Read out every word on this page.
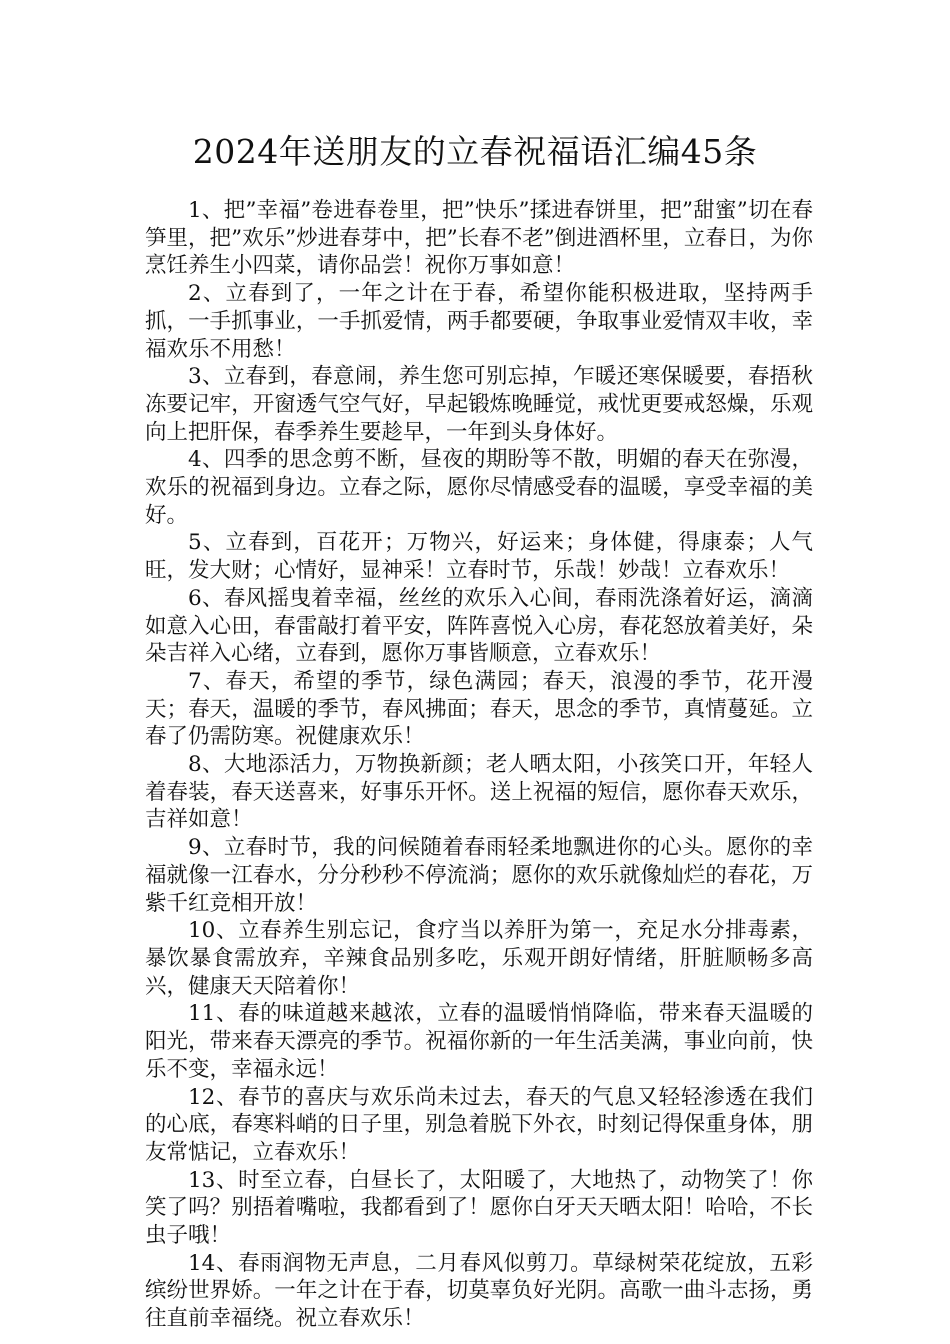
2024年送朋友的立春祝福语汇编45条

1、把”幸福”卷进春卷里，把”快乐”揉进春饼里，把”甜蜜”切在春笋里，把”欢乐”炒进春芽中，把”长春不老”倒进酒杯里，立春日，为你烹饪养生小四菜，请你品尝！祝你万事如意！

2、立春到了，一年之计在于春，希望你能积极进取，坚持两手抓，一手抓事业，一手抓爱情，两手都要硬，争取事业爱情双丰收，幸福欢乐不用愁！

3、立春到，春意闹，养生您可别忘掉，乍暖还寒保暖要，春捂秋冻要记牢，开窗透气空气好，早起锻炼晚睡觉，戒忧更要戒怒燥，乐观向上把肝保，春季养生要趁早，一年到头身体好。

4、四季的思念剪不断，昼夜的期盼等不散，明媚的春天在弥漫，欢乐的祝福到身边。立春之际，愿你尽情感受春的温暖，享受幸福的美好。

5、立春到，百花开；万物兴，好运来；身体健，得康泰；人气旺，发大财；心情好，显神采！立春时节，乐哉！妙哉！立春欢乐！

6、春风摇曳着幸福，丝丝的欢乐入心间，春雨洗涤着好运，滴滴如意入心田，春雷敲打着平安，阵阵喜悦入心房，春花怒放着美好，朵朵吉祥入心绪，立春到，愿你万事皆顺意，立春欢乐！

7、春天，希望的季节，绿色满园；春天，浪漫的季节，花开漫天；春天，温暖的季节，春风拂面；春天，思念的季节，真情蔓延。立春了仍需防寒。祝健康欢乐！

8、大地添活力，万物换新颜；老人晒太阳，小孩笑口开，年轻人着春装，春天送喜来，好事乐开怀。送上祝福的短信，愿你春天欢乐，吉祥如意！

9、立春时节，我的问候随着春雨轻柔地飘进你的心头。愿你的幸福就像一江春水，分分秒秒不停流淌；愿你的欢乐就像灿烂的春花，万紫千红竞相开放！

10、立春养生别忘记，食疗当以养肝为第一，充足水分排毒素，暴饮暴食需放弃，辛辣食品别多吃，乐观开朗好情绪，肝脏顺畅多高兴，健康天天陪着你！

11、春的味道越来越浓，立春的温暖悄悄降临，带来春天温暖的阳光，带来春天漂亮的季节。祝福你新的一年生活美满，事业向前，快乐不变，幸福永远！

12、春节的喜庆与欢乐尚未过去，春天的气息又轻轻渗透在我们的心底，春寒料峭的日子里，别急着脱下外衣，时刻记得保重身体，朋友常惦记，立春欢乐！

13、时至立春，白昼长了，太阳暖了，大地热了，动物笑了！你笑了吗？别捂着嘴啦，我都看到了！愿你白牙天天晒太阳！哈哈，不长虫子哦！

14、春雨润物无声息，二月春风似剪刀。草绿树荣花绽放，五彩缤纷世界娇。一年之计在于春，切莫辜负好光阴。高歌一曲斗志扬，勇往直前幸福绕。祝立春欢乐！
